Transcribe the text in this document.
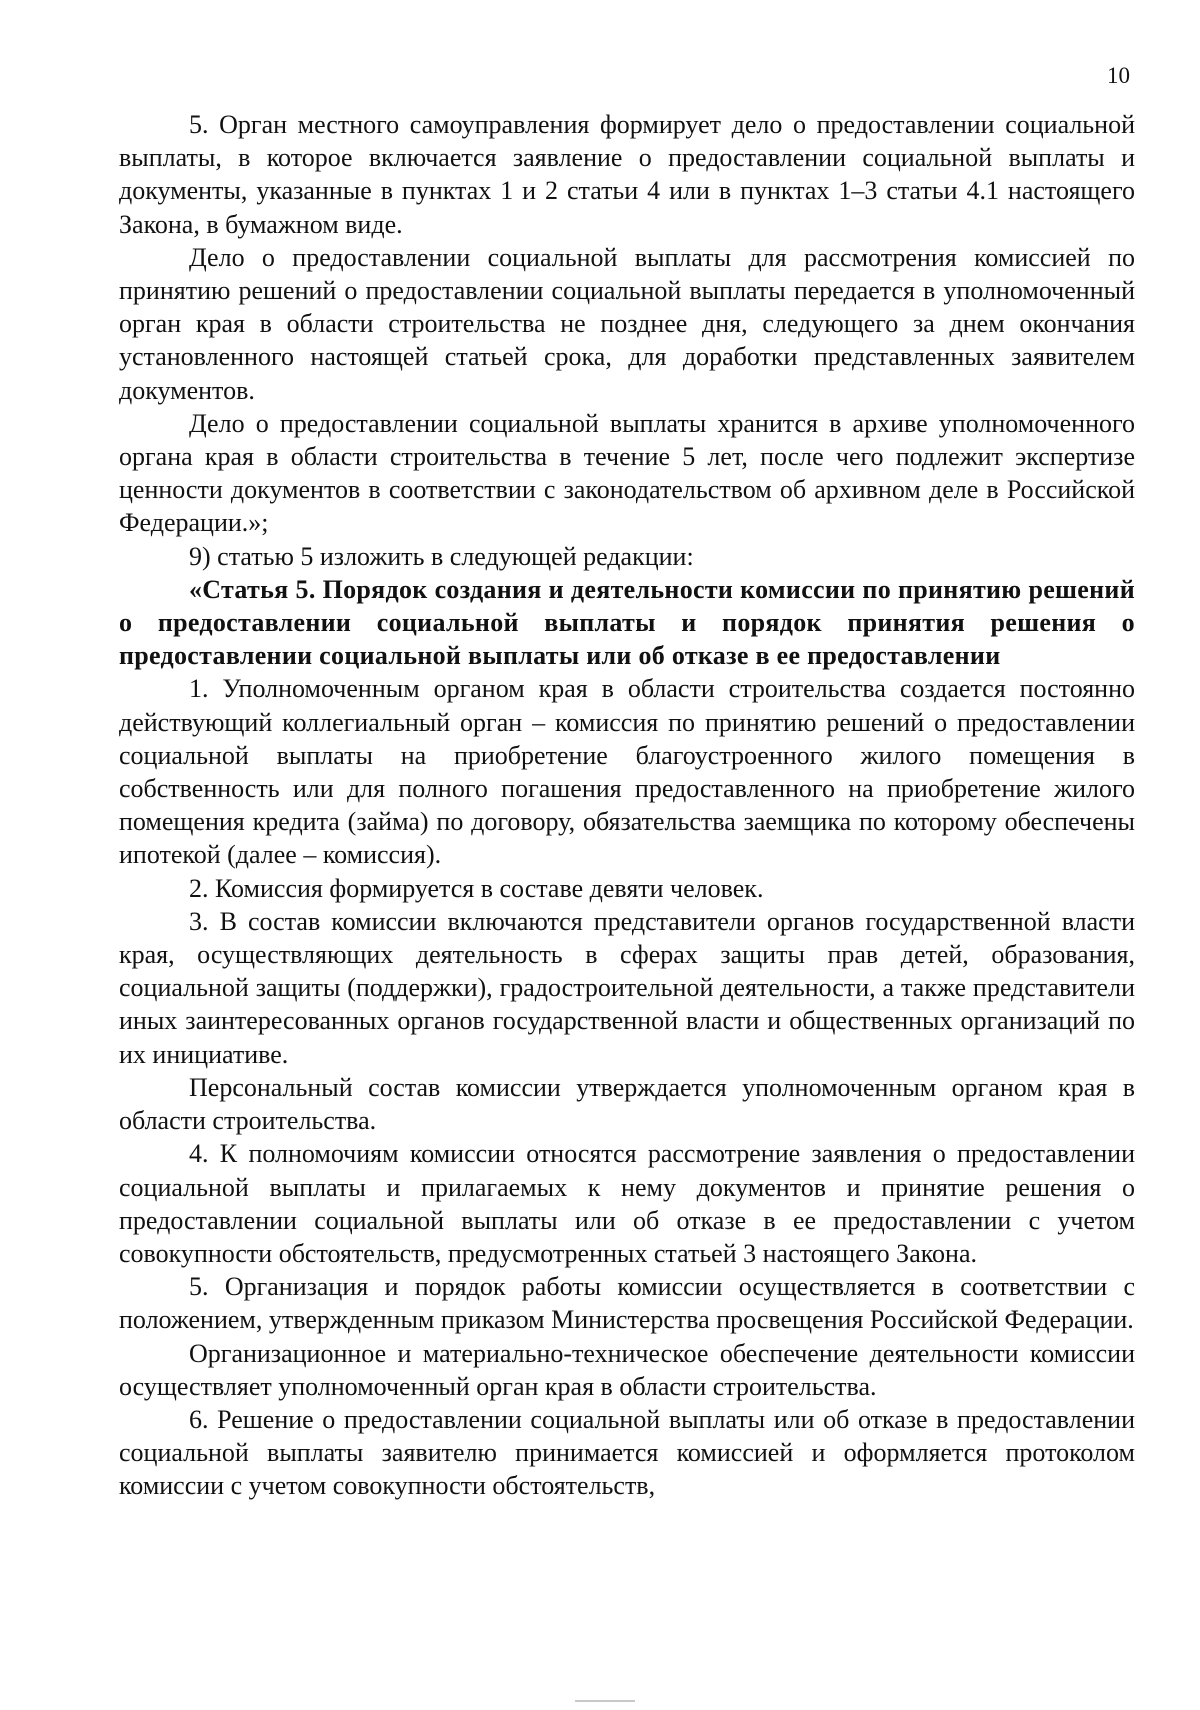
10

5. Орган местного самоуправления формирует дело о предоставлении социальной выплаты, в которое включается заявление о предоставлении социальной выплаты и документы, указанные в пунктах 1 и 2 статьи 4 или в пунктах 1–3 статьи 4.1 настоящего Закона, в бумажном виде.

Дело о предоставлении социальной выплаты для рассмотрения комиссией по принятию решений о предоставлении социальной выплаты передается в уполномоченный орган края в области строительства не позднее дня, следующего за днем окончания установленного настоящей статьей срока, для доработки представленных заявителем документов.

Дело о предоставлении социальной выплаты хранится в архиве уполномоченного органа края в области строительства в течение 5 лет, после чего подлежит экспертизе ценности документов в соответствии с законодательством об архивном деле в Российской Федерации.»;

9) статью 5 изложить в следующей редакции:

«Статья 5. Порядок создания и деятельности комиссии по принятию решений о предоставлении социальной выплаты и порядок принятия решения о предоставлении социальной выплаты или об отказе в ее предоставлении

1. Уполномоченным органом края в области строительства создается постоянно действующий коллегиальный орган – комиссия по принятию решений о предоставлении социальной выплаты на приобретение благоустроенного жилого помещения в собственность или для полного погашения предоставленного на приобретение жилого помещения кредита (займа) по договору, обязательства заемщика по которому обеспечены ипотекой (далее – комиссия).

2. Комиссия формируется в составе девяти человек.

3. В состав комиссии включаются представители органов государственной власти края, осуществляющих деятельность в сферах защиты прав детей, образования, социальной защиты (поддержки), градостроительной деятельности, а также представители иных заинтересованных органов государственной власти и общественных организаций по их инициативе.

Персональный состав комиссии утверждается уполномоченным органом края в области строительства.

4. К полномочиям комиссии относятся рассмотрение заявления о предоставлении социальной выплаты и прилагаемых к нему документов и принятие решения о предоставлении социальной выплаты или об отказе в ее предоставлении с учетом совокупности обстоятельств, предусмотренных статьей 3 настоящего Закона.

5. Организация и порядок работы комиссии осуществляется в соответствии с положением, утвержденным приказом Министерства просвещения Российской Федерации.

Организационное и материально-техническое обеспечение деятельности комиссии осуществляет уполномоченный орган края в области строительства.

6. Решение о предоставлении социальной выплаты или об отказе в предоставлении социальной выплаты заявителю принимается комиссией и оформляется протоколом комиссии с учетом совокупности обстоятельств,
